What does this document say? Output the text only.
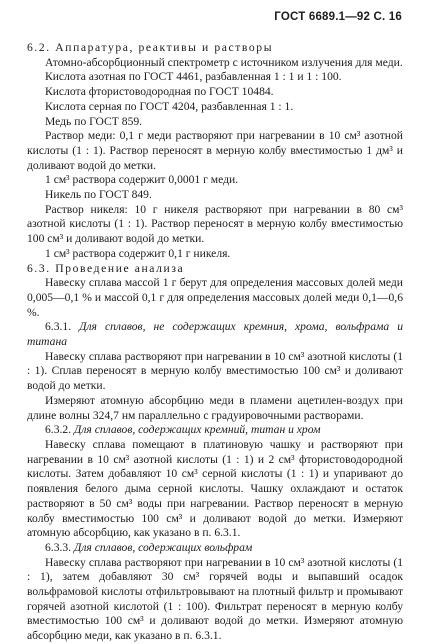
ГОСТ 6689.1—92 С. 16

6.2. Аппаратура, реактивы и растворы

Атомно-абсорбционный спектрометр с источником излучения для меди.

Кислота азотная по ГОСТ 4461, разбавленная 1 : 1 и 1 : 100.

Кислота фтористоводородная по ГОСТ 10484.

Кислота серная по ГОСТ 4204, разбавленная 1 : 1.

Медь по ГОСТ 859.

Раствор меди: 0,1 г меди растворяют при нагревании в 10 см³ азотной кислоты (1 : 1). Раствор переносят в мерную колбу вместимостью 1 дм³ и доливают водой до метки.

1 см³ раствора содержит 0,0001 г меди.

Никель по ГОСТ 849.

Раствор никеля: 10 г никеля растворяют при нагревании в 80 см³ азотной кислоты (1 : 1). Раствор переносят в мерную колбу вместимостью 100 см³ и доливают водой до метки.

1 см³ раствора содержит 0,1 г никеля.

6.3. Проведение анализа

Навеску сплава массой 1 г берут для определения массовых долей меди 0,005—0,1 % и массой 0,1 г для определения массовых долей меди 0,1—0,6 %.

6.3.1. Для сплавов, не содержащих кремния, хрома, вольфрама и титана

Навеску сплава растворяют при нагревании в 10 см³ азотной кислоты (1 : 1). Сплав переносят в мерную колбу вместимостью 100 см³ и доливают водой до метки.

Измеряют атомную абсорбцию меди в пламени ацетилен-воздух при длине волны 324,7 нм параллельно с градуировочными растворами.

6.3.2. Для сплавов, содержащих кремний, титан и хром

Навеску сплава помещают в платиновую чашку и растворяют при нагревании в 10 см³ азотной кислоты (1 : 1) и 2 см³ фтористоводородной кислоты. Затем добавляют 10 см³ серной кислоты (1 : 1) и упаривают до появления белого дыма серной кислоты. Чашку охлаждают и остаток растворяют в 50 см³ воды при нагревании. Раствор переносят в мерную колбу вместимостью 100 см³ и доливают водой до метки. Измеряют атомную абсорбцию, как указано в п. 6.3.1.

6.3.3. Для сплавов, содержащих вольфрам

Навеску сплава растворяют при нагревании в 10 см³ азотной кислоты (1 : 1), затем добавляют 30 см³ горячей воды и выпавший осадок вольфрамовой кислоты отфильтровывают на плотный фильтр и промывают горячей азотной кислотой (1 : 100). Фильтрат переносят в мерную колбу вместимостью 100 см³ и доливают водой до метки. Измеряют атомную абсорбцию меди, как указано в п. 6.3.1.
